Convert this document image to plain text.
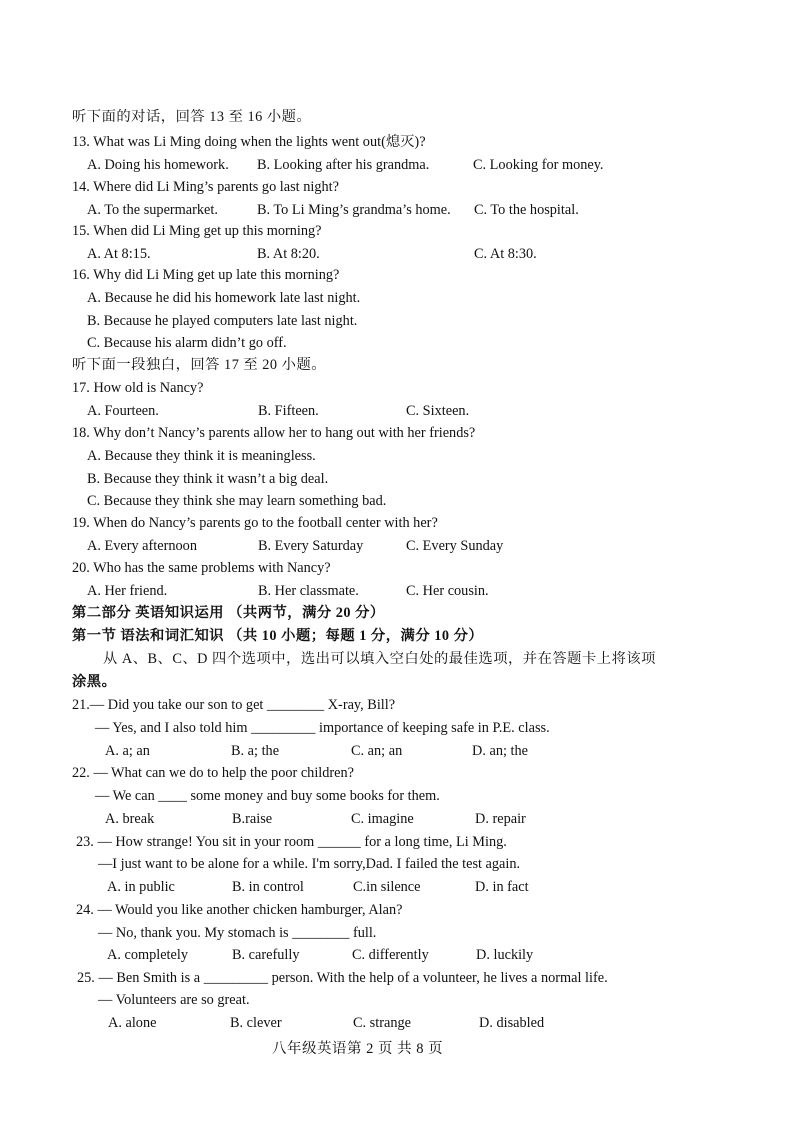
听下面的对话，回答 13 至 16 小题。
13. What was Li Ming doing when the lights went out(熄灭)?
A. Doing his homework. B. Looking after his grandma.	C. Looking for money.
14. Where did Li Ming’s parents go last night?
A. To the supermarket.	B. To Li Ming’s grandma’s home. C. To the hospital.
15. When did Li Ming get up this morning?
A. At 8:15.	B. At 8:20.	C. At 8:30.
16. Why did Li Ming get up late this morning?
A. Because he did his homework late last night.
B. Because he played computers late last night.
C. Because his alarm didn’t go off.
听下面一段独白，回答 17 至 20 小题。
17. How old is Nancy?
A. Fourteen.	B. Fifteen.	C. Sixteen.
18. Why don’t Nancy’s parents allow her to hang out with her friends?
A. Because they think it is meaningless.
B. Because they think it wasn’t a big deal.
C. Because they think she may learn something bad.
19. When do Nancy’s parents go to the football center with her?
A. Every afternoon	B. Every Saturday	C. Every Sunday
20. Who has the same problems with Nancy?
A. Her friend.	B. Her classmate.	C. Her cousin.
第二部分 英语知识运用 （共两节，满分 20 分）
第一节 语法和词汇知识 （共 10 小题；每题 1 分，满分 10 分）
从 A、B、C、D 四个选项中，选出可以填入空白处的最佳选项，并在答题卡上将该项
涂黑。
21.— Did you take our son to get ________ X-ray, Bill?
— Yes, and I also told him _________ importance of keeping safe in P.E. class.
A. a; an	B. a; the	C. an; an	D. an; the
22. — What can we do to help the poor children?
— We can ____ some money and buy some books for them.
A. break	B.raise	C. imagine	D. repair
23. — How strange! You sit in your room ______ for a long time, Li Ming.
—I just want to be alone for a while. I'm sorry,Dad. I failed the test again.
A. in public	B. in control	C.in silence	D. in fact
24. — Would you like another chicken hamburger, Alan?
— No, thank you. My stomach is ________ full.
A. completely	B. carefully	C. differently	D. luckily
25. — Ben Smith is a _________ person. With the help of a volunteer, he lives a normal life.
— Volunteers are so great.
A. alone	B. clever	C. strange	D. disabled
八年级英语第 2 页 共 8 页
